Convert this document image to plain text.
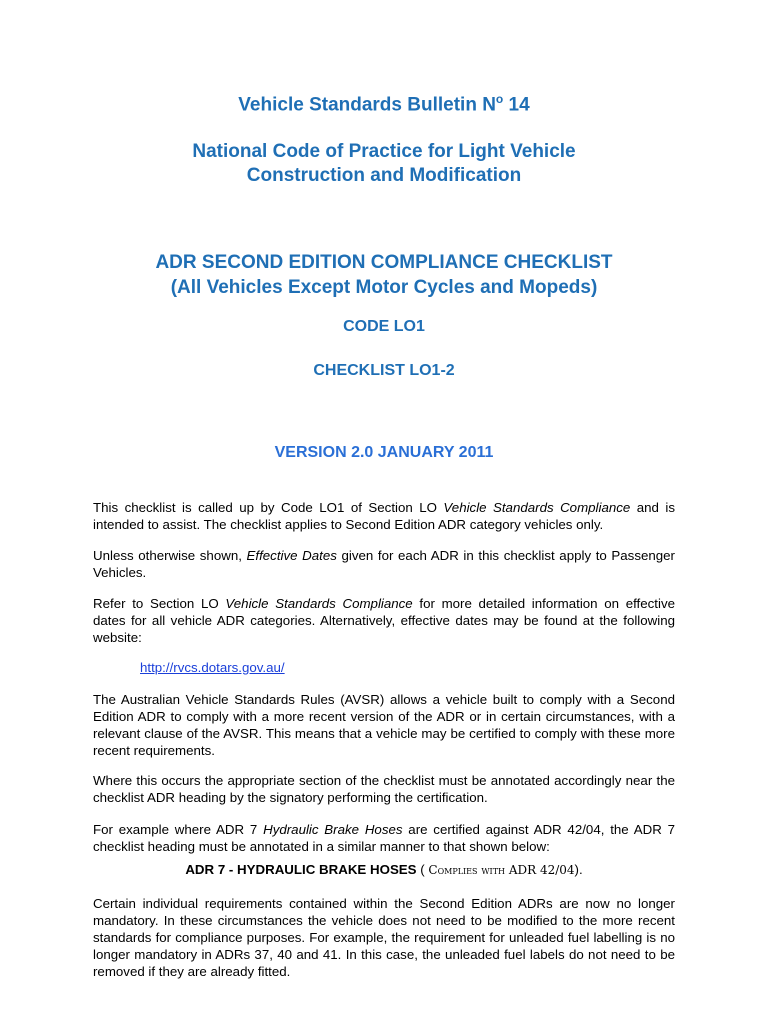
Vehicle Standards Bulletin $N^o$ 14
National Code of Practice for Light Vehicle
Construction and Modification
ADR SECOND EDITION COMPLIANCE CHECKLIST
(All Vehicles Except Motor Cycles and Mopeds)
CODE LO1
CHECKLIST LO1-2
VERSION 2.0 JANUARY 2011
This checklist is called up by Code LO1 of Section LO Vehicle Standards Compliance and is intended to assist. The checklist applies to Second Edition ADR category vehicles only.
Unless otherwise shown, Effective Dates given for each ADR in this checklist apply to Passenger Vehicles.
Refer to Section LO Vehicle Standards Compliance for more detailed information on effective dates for all vehicle ADR categories. Alternatively, effective dates may be found at the following website:
http://rvcs.dotars.gov.au/
The Australian Vehicle Standards Rules (AVSR) allows a vehicle built to comply with a Second Edition ADR to comply with a more recent version of the ADR or in certain circumstances, with a relevant clause of the AVSR. This means that a vehicle may be certified to comply with these more recent requirements.
Where this occurs the appropriate section of the checklist must be annotated accordingly near the checklist ADR heading by the signatory performing the certification.
For example where ADR 7 Hydraulic Brake Hoses are certified against ADR 42/04, the ADR 7 checklist heading must be annotated in a similar manner to that shown below:
ADR 7 - HYDRAULIC BRAKE HOSES ( Complies with ADR 42/04).
Certain individual requirements contained within the Second Edition ADRs are now no longer mandatory. In these circumstances the vehicle does not need to be modified to the more recent standards for compliance purposes. For example, the requirement for unleaded fuel labelling is no longer mandatory in ADRs 37, 40 and 41. In this case, the unleaded fuel labels do not need to be removed if they are already fitted.
